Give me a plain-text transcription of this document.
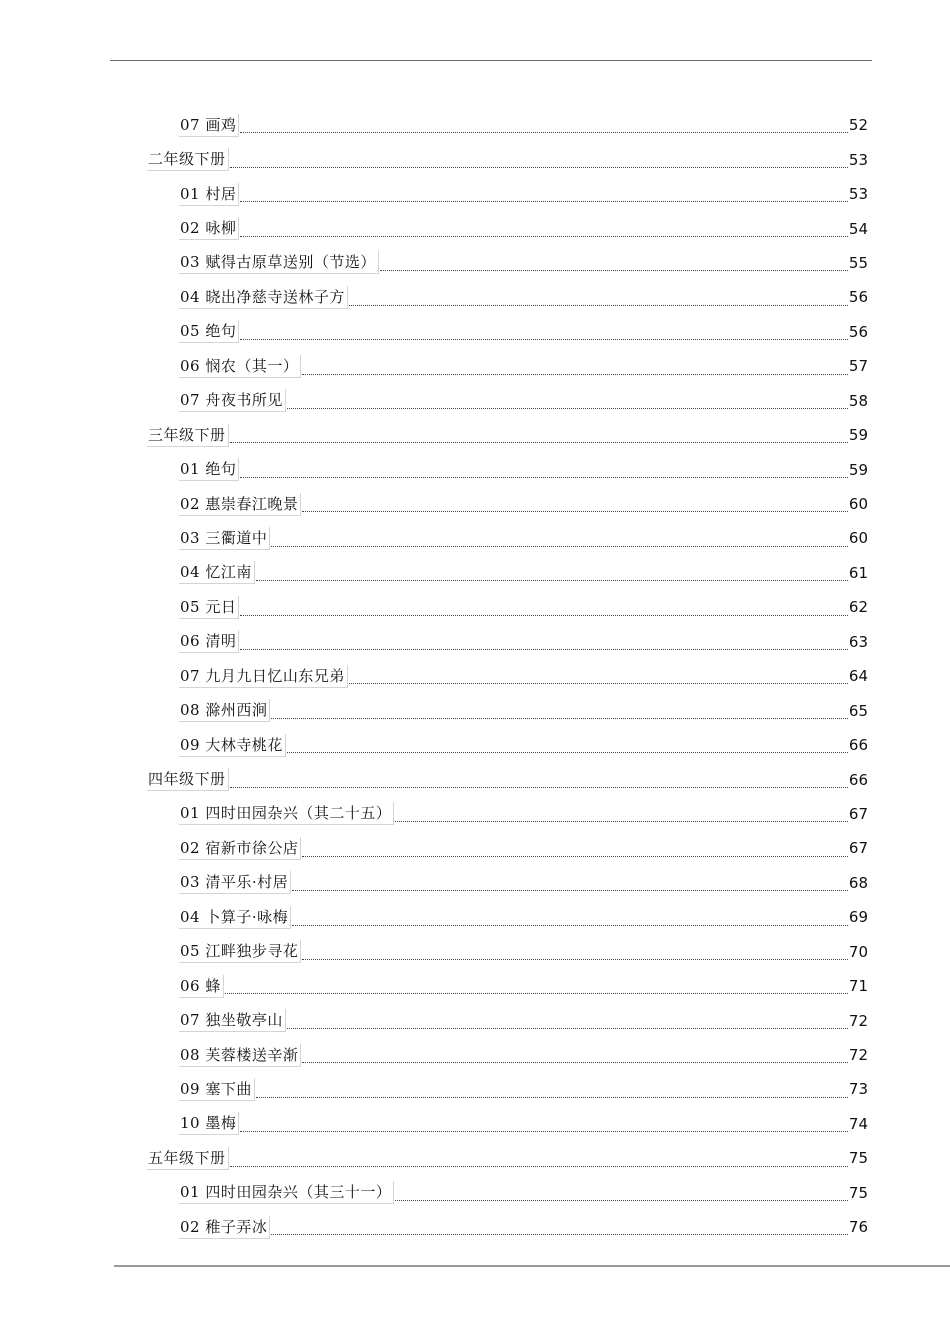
07 画鸡	52
二年级下册	53
01 村居	53
02 咏柳	54
03 赋得古原草送别（节选）	55
04 晓出净慈寺送林子方	56
05 绝句	56
06 悯农（其一）	57
07 舟夜书所见	58
三年级下册	59
01 绝句	59
02 惠崇春江晚景	60
03 三衢道中	60
04 忆江南	61
05 元日	62
06 清明	63
07 九月九日忆山东兄弟	64
08 滁州西涧	65
09 大林寺桃花	66
四年级下册	66
01 四时田园杂兴（其二十五）	67
02 宿新市徐公店	67
03 清平乐·村居	68
04 卜算子·咏梅	69
05 江畔独步寻花	70
06 蜂	71
07 独坐敬亭山	72
08 芙蓉楼送辛渐	72
09 塞下曲	73
10 墨梅	74
五年级下册	75
01 四时田园杂兴（其三十一）	75
02 稚子弄冰	76
